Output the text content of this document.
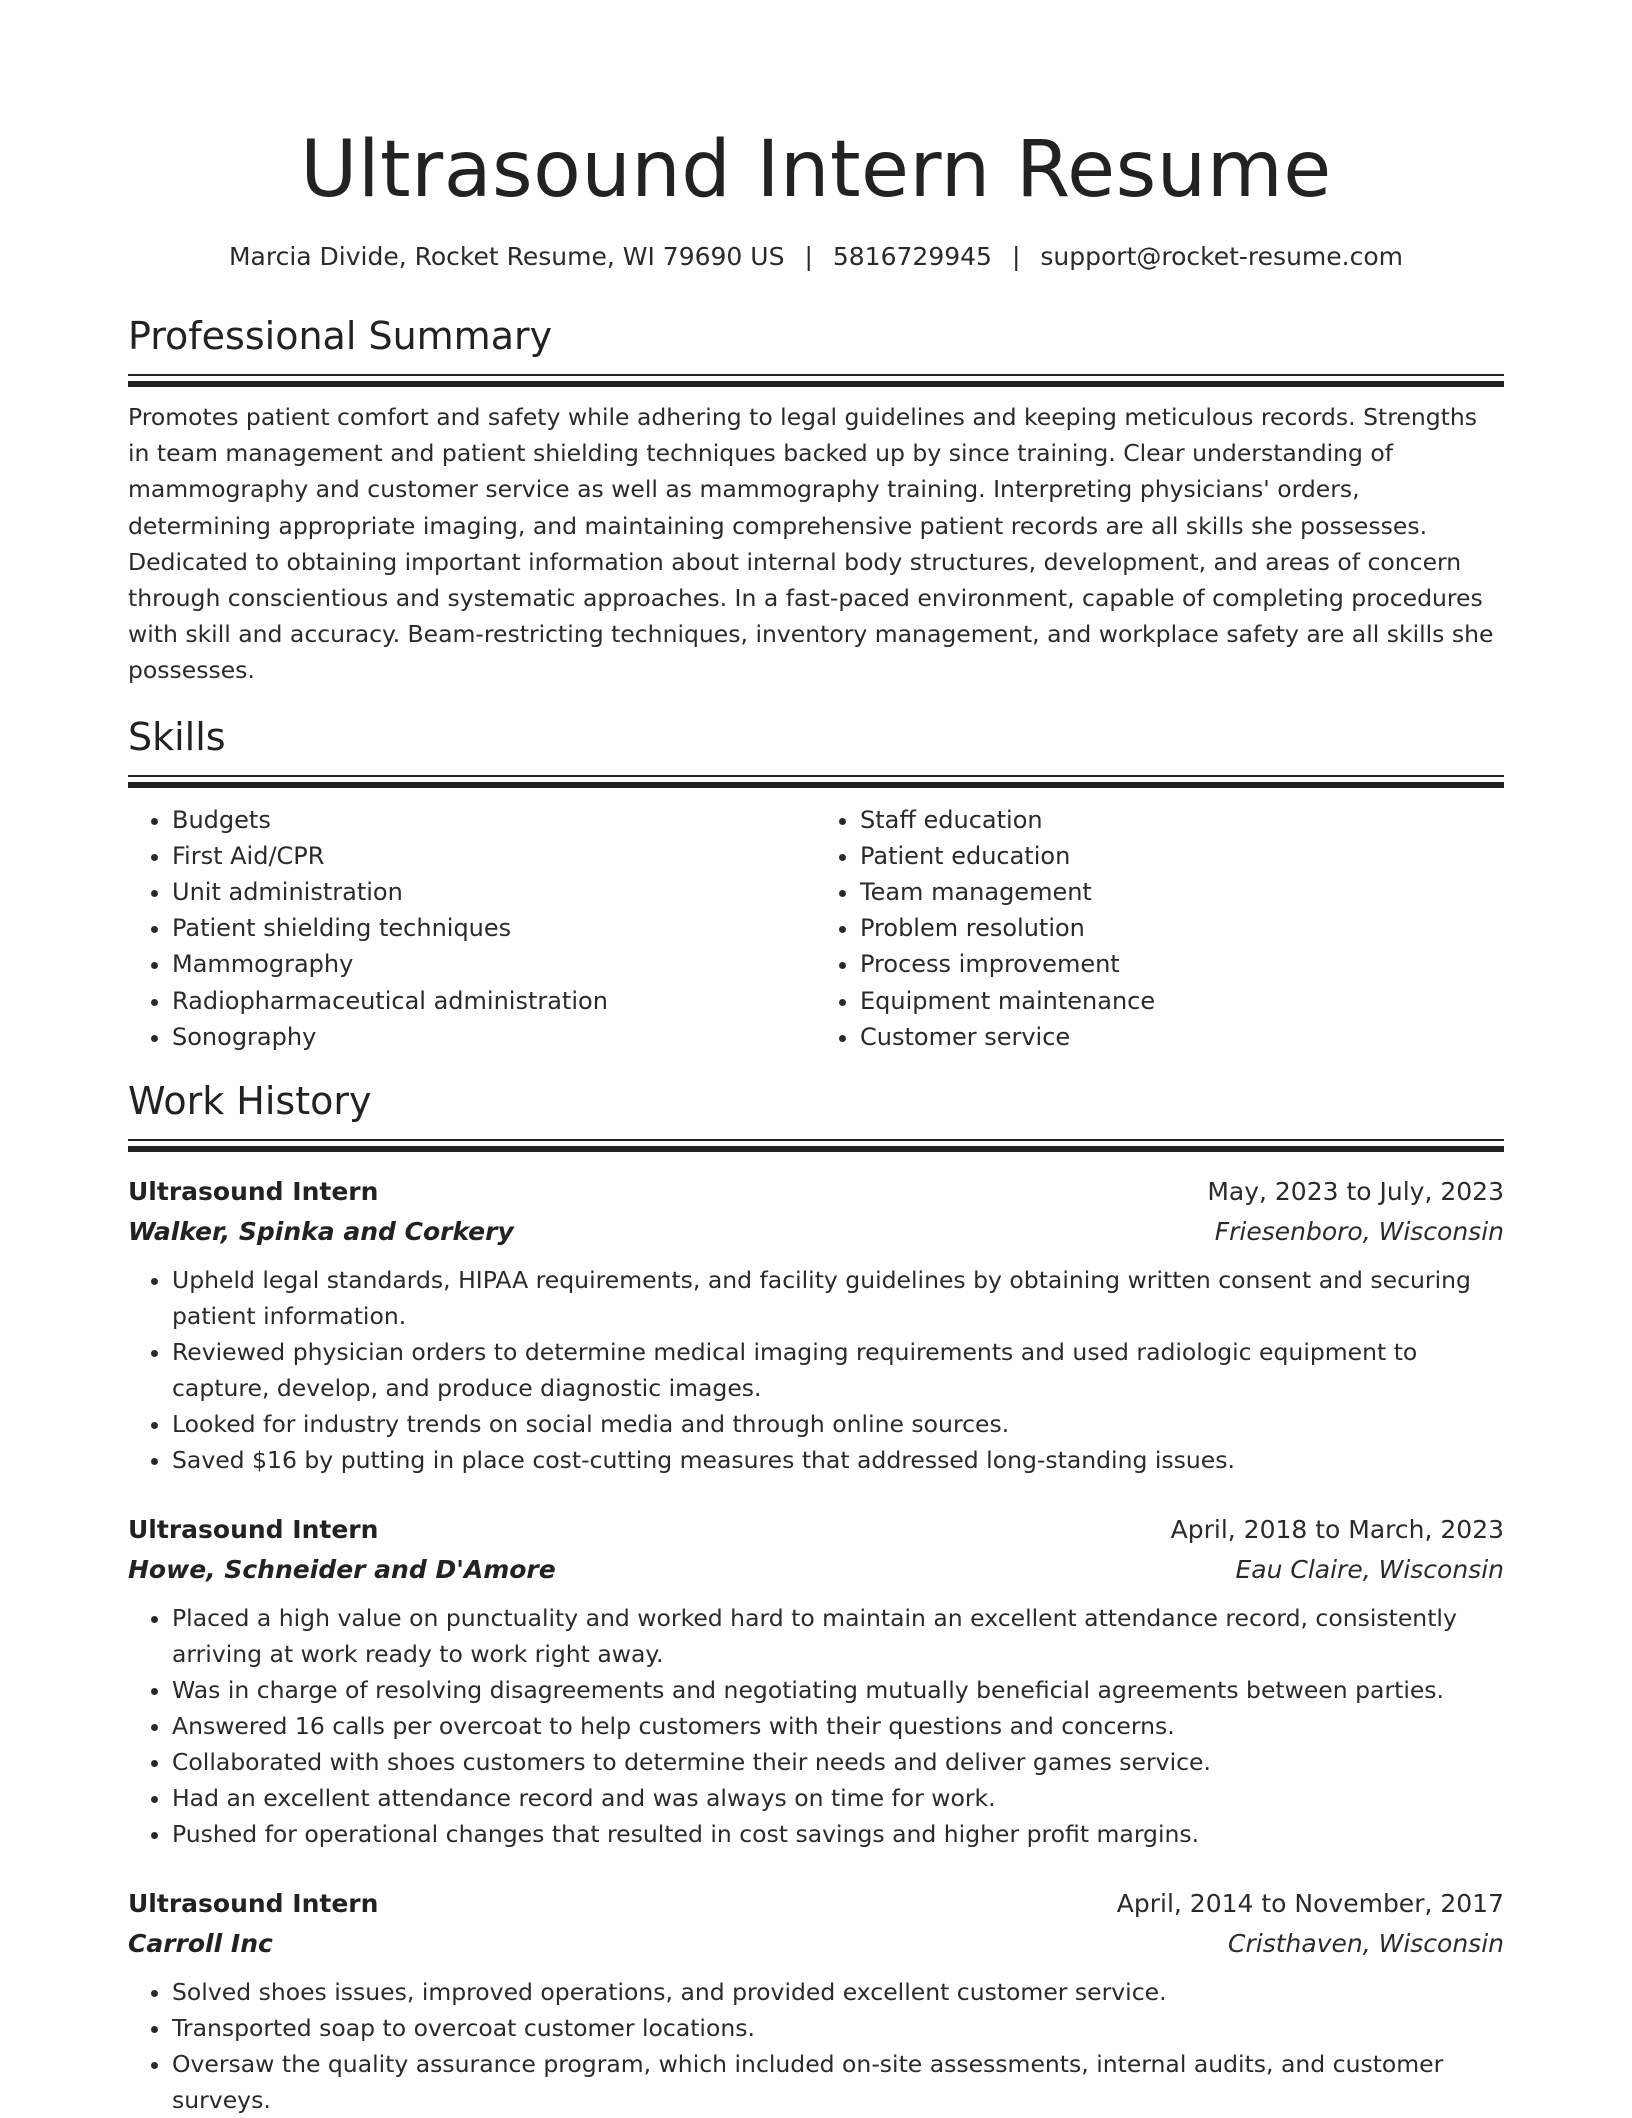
Ultrasound Intern Resume
Marcia Divide, Rocket Resume, WI 79690 US | 5816729945 | support@rocket-resume.com
Professional Summary
Promotes patient comfort and safety while adhering to legal guidelines and keeping meticulous records. Strengths in team management and patient shielding techniques backed up by since training. Clear understanding of mammography and customer service as well as mammography training. Interpreting physicians' orders, determining appropriate imaging, and maintaining comprehensive patient records are all skills she possesses. Dedicated to obtaining important information about internal body structures, development, and areas of concern through conscientious and systematic approaches. In a fast-paced environment, capable of completing procedures with skill and accuracy. Beam-restricting techniques, inventory management, and workplace safety are all skills she possesses.
Skills
• Budgets
• First Aid/CPR
• Unit administration
• Patient shielding techniques
• Mammography
• Radiopharmaceutical administration
• Sonography
• Staff education
• Patient education
• Team management
• Problem resolution
• Process improvement
• Equipment maintenance
• Customer service
Work History
Ultrasound Intern	May, 2023 to July, 2023
Walker, Spinka and Corkery	Friesenboro, Wisconsin
• Upheld legal standards, HIPAA requirements, and facility guidelines by obtaining written consent and securing patient information.
• Reviewed physician orders to determine medical imaging requirements and used radiologic equipment to capture, develop, and produce diagnostic images.
• Looked for industry trends on social media and through online sources.
• Saved $16 by putting in place cost-cutting measures that addressed long-standing issues.
Ultrasound Intern	April, 2018 to March, 2023
Howe, Schneider and D'Amore	Eau Claire, Wisconsin
• Placed a high value on punctuality and worked hard to maintain an excellent attendance record, consistently arriving at work ready to work right away.
• Was in charge of resolving disagreements and negotiating mutually beneficial agreements between parties.
• Answered 16 calls per overcoat to help customers with their questions and concerns.
• Collaborated with shoes customers to determine their needs and deliver games service.
• Had an excellent attendance record and was always on time for work.
• Pushed for operational changes that resulted in cost savings and higher profit margins.
Ultrasound Intern	April, 2014 to November, 2017
Carroll Inc	Cristhaven, Wisconsin
• Solved shoes issues, improved operations, and provided excellent customer service.
• Transported soap to overcoat customer locations.
• Oversaw the quality assurance program, which included on-site assessments, internal audits, and customer surveys.
